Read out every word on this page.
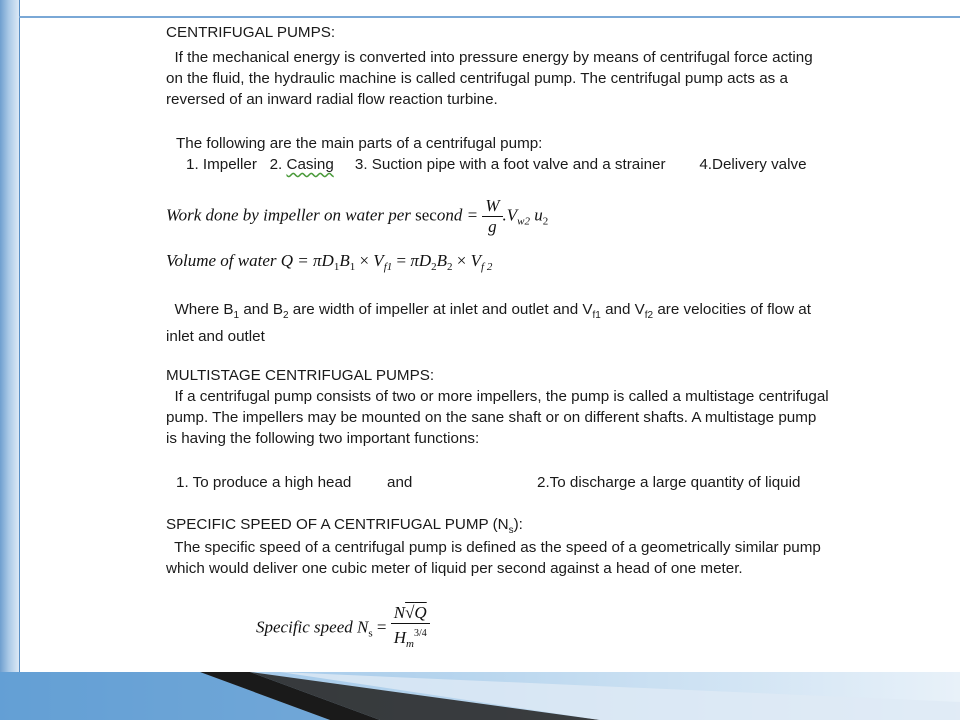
CENTRIFUGAL PUMPS:
If the mechanical energy is converted into pressure energy by means of centrifugal force acting
on the fluid, the hydraulic machine is called centrifugal pump. The centrifugal pump acts as a
reversed of an inward radial flow reaction turbine.
The following are the main parts of a centrifugal pump:
1. Impeller 2. Casing 3. Suction pipe with a foot valve and a strainer 4.Delivery valve
Work done by impeller on water per second = $\frac{W}{g} .V_{w2}$ $u_2$
Volume of water $Q = \pi D_1B_1 \times V_{f1} = \pi D_2B_2 \times V_{f 2}$
Where $B_1$ and $B_2$ are width of impeller at inlet and outlet and $V_{f1}$ and $V_{f2}$ are velocities of flow at
inlet and outlet
MULTISTAGE CENTRIFUGAL PUMPS:
If a centrifugal pump consists of two or more impellers, the pump is called a multistage centrifugal
pump. The impellers may be mounted on the sane shaft or on different shafts. A multistage pump
is having the following two important functions:
1. To produce a high head and	2.To discharge a large quantity of liquid
SPECIFIC SPEED OF A CENTRIFUGAL PUMP $(N_s)$:
The specific speed of a centrifugal pump is defined as the speed of a geometrically similar pump
which would deliver one cubic meter of liquid per second against a head of one meter.
Specific speed $N_s = \frac{N√Q}{H_m^{3/4}}$
